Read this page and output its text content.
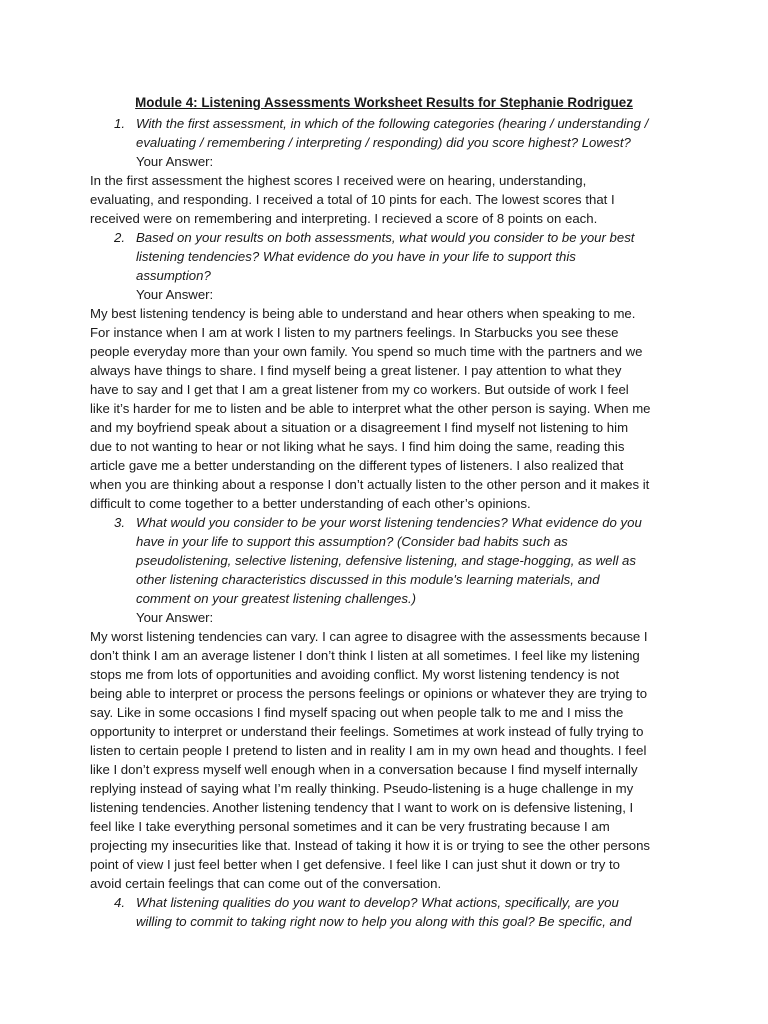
Module 4: Listening Assessments Worksheet Results for Stephanie Rodriguez
1. With the first assessment, in which of the following categories (hearing / understanding /
evaluating / remembering / interpreting / responding) did you score highest? Lowest?
Your Answer:
In the first assessment the highest scores I received were on hearing, understanding,
evaluating, and responding. I received a total of 10 pints for each. The lowest scores that I
received were on remembering and interpreting. I recieved a score of 8 points on each.
2. Based on your results on both assessments, what would you consider to be your best
listening tendencies? What evidence do you have in your life to support this
assumption?
Your Answer:
My best listening tendency is being able to understand and hear others when speaking to me.
For instance when I am at work I listen to my partners feelings. In Starbucks you see these
people everyday more than your own family. You spend so much time with the partners and we
always have things to share. I find myself being a great listener. I pay attention to what they
have to say and I get that I am a great listener from my co workers. But outside of work I feel
like it’s harder for me to listen and be able to interpret what the other person is saying. When me
and my boyfriend speak about a situation or a disagreement I find myself not listening to him
due to not wanting to hear or not liking what he says. I find him doing the same, reading this
article gave me a better understanding on the different types of listeners. I also realized that
when you are thinking about a response I don’t actually listen to the other person and it makes it
difficult to come together to a better understanding of each other’s opinions.
3. What would you consider to be your worst listening tendencies? What evidence do you
have in your life to support this assumption? (Consider bad habits such as
pseudolistening, selective listening, defensive listening, and stage-hogging, as well as
other listening characteristics discussed in this module's learning materials, and
comment on your greatest listening challenges.)
Your Answer:
My worst listening tendencies can vary. I can agree to disagree with the assessments because I
don’t think I am an average listener I don’t think I listen at all sometimes. I feel like my listening
stops me from lots of opportunities and avoiding conflict. My worst listening tendency is not
being able to interpret or process the persons feelings or opinions or whatever they are trying to
say. Like in some occasions I find myself spacing out when people talk to me and I miss the
opportunity to interpret or understand their feelings. Sometimes at work instead of fully trying to
listen to certain people I pretend to listen and in reality I am in my own head and thoughts. I feel
like I don’t express myself well enough when in a conversation because I find myself internally
replying instead of saying what I’m really thinking. Pseudo-listening is a huge challenge in my
listening tendencies. Another listening tendency that I want to work on is defensive listening, I
feel like I take everything personal sometimes and it can be very frustrating because I am
projecting my insecurities like that. Instead of taking it how it is or trying to see the other persons
point of view I just feel better when I get defensive. I feel like I can just shut it down or try to
avoid certain feelings that can come out of the conversation.
4. What listening qualities do you want to develop? What actions, specifically, are you
willing to commit to taking right now to help you along with this goal? Be specific, and
